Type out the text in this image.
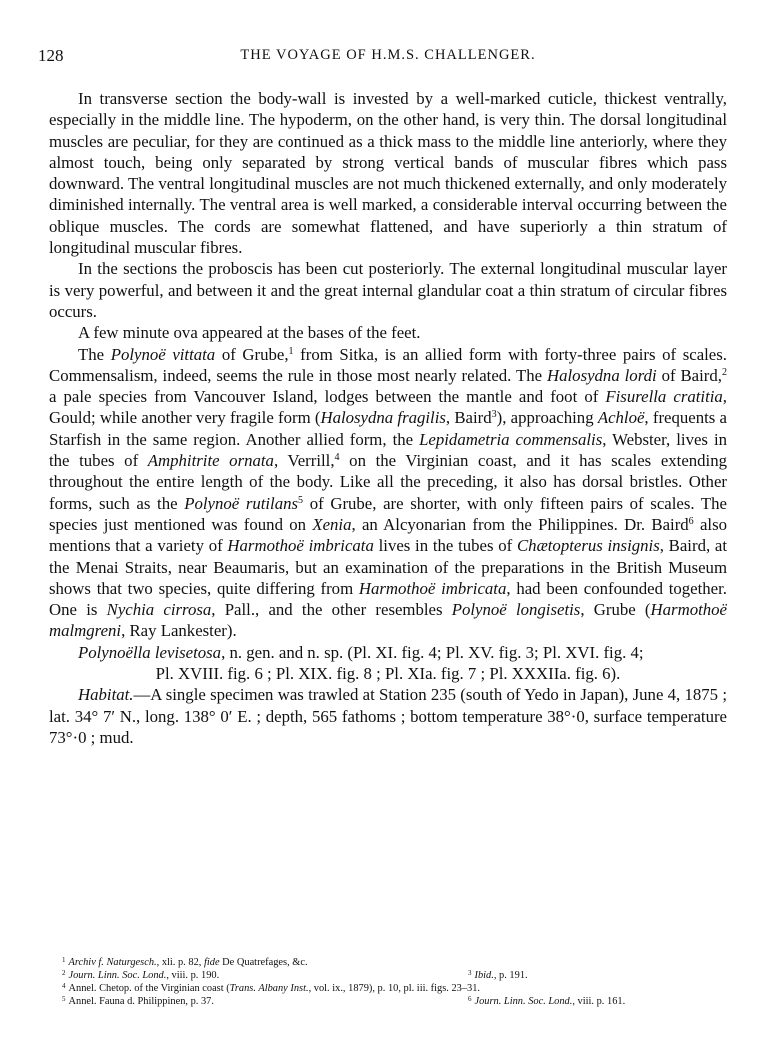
128	THE VOYAGE OF H.M.S. CHALLENGER.

In transverse section the body-wall is invested by a well-marked cuticle, thickest ventrally, especially in the middle line. The hypoderm, on the other hand, is very thin. The dorsal longitudinal muscles are peculiar, for they are continued as a thick mass to the middle line anteriorly, where they almost touch, being only separated by strong vertical bands of muscular fibres which pass downward. The ventral longitudinal muscles are not much thickened externally, and only moderately diminished internally. The ventral area is well marked, a considerable interval occurring between the oblique muscles. The cords are somewhat flattened, and have superiorly a thin stratum of longitudinal muscular fibres.

In the sections the proboscis has been cut posteriorly. The external longitudinal muscular layer is very powerful, and between it and the great internal glandular coat a thin stratum of circular fibres occurs.

A few minute ova appeared at the bases of the feet.

The Polynoë vittata of Grube,$^1$ from Sitka, is an allied form with forty-three pairs of scales. Commensalism, indeed, seems the rule in those most nearly related. The Halosydna lordi of Baird,$^2$ a pale species from Vancouver Island, lodges between the mantle and foot of Fisurella cratitia, Gould; while another very fragile form (Halosydna fragilis, Baird$^3$), approaching Achloë, frequents a Starfish in the same region. Another allied form, the Lepidametria commensalis, Webster, lives in the tubes of Amphitrite ornata, Verrill,$^4$ on the Virginian coast, and it has scales extending throughout the entire length of the body. Like all the preceding, it also has dorsal bristles. Other forms, such as the Polynoë rutilans$^5$ of Grube, are shorter, with only fifteen pairs of scales. The species just mentioned was found on Xenia, an Alcyonarian from the Philippines. Dr. Baird$^6$ also mentions that a variety of Harmothoë imbricata lives in the tubes of Chætopterus insignis, Baird, at the Menai Straits, near Beaumaris, but an examination of the preparations in the British Museum shows that two species, quite differing from Harmothoë imbricata, had been confounded together. One is Nychia cirrosa, Pall., and the other resembles Polynoë longisetis, Grube (Harmothoë malmgreni, Ray Lankester).

Polynoëlla levisetosa, n. gen. and n. sp. (Pl. XI. fig. 4; Pl. XV. fig. 3; Pl. XVI. fig. 4;
Pl. XVIII. fig. 6 ; Pl. XIX. fig. 8 ; Pl. XIa. fig. 7 ; Pl. XXXIIa. fig. 6).

Habitat.—A single specimen was trawled at Station 235 (south of Yedo in Japan), June 4, 1875 ; lat. 34° 7′ N., long. 138° 0′ E. ; depth, 565 fathoms ; bottom temperature 38°·0, surface temperature 73°·0 ; mud.

$^1$ Archiv f. Naturgesch., xli. p. 82, fide De Quatrefages, &c.
$^2$ Journ. Linn. Soc. Lond., viii. p. 190.	$^3$ Ibid., p. 191.
$^4$ Annel. Chetop. of the Virginian coast (Trans. Albany Inst., vol. ix., 1879), p. 10, pl. iii. figs. 23–31.
$^5$ Annel. Fauna d. Philippinen, p. 37.	$^6$ Journ. Linn. Soc. Lond., viii. p. 161.
